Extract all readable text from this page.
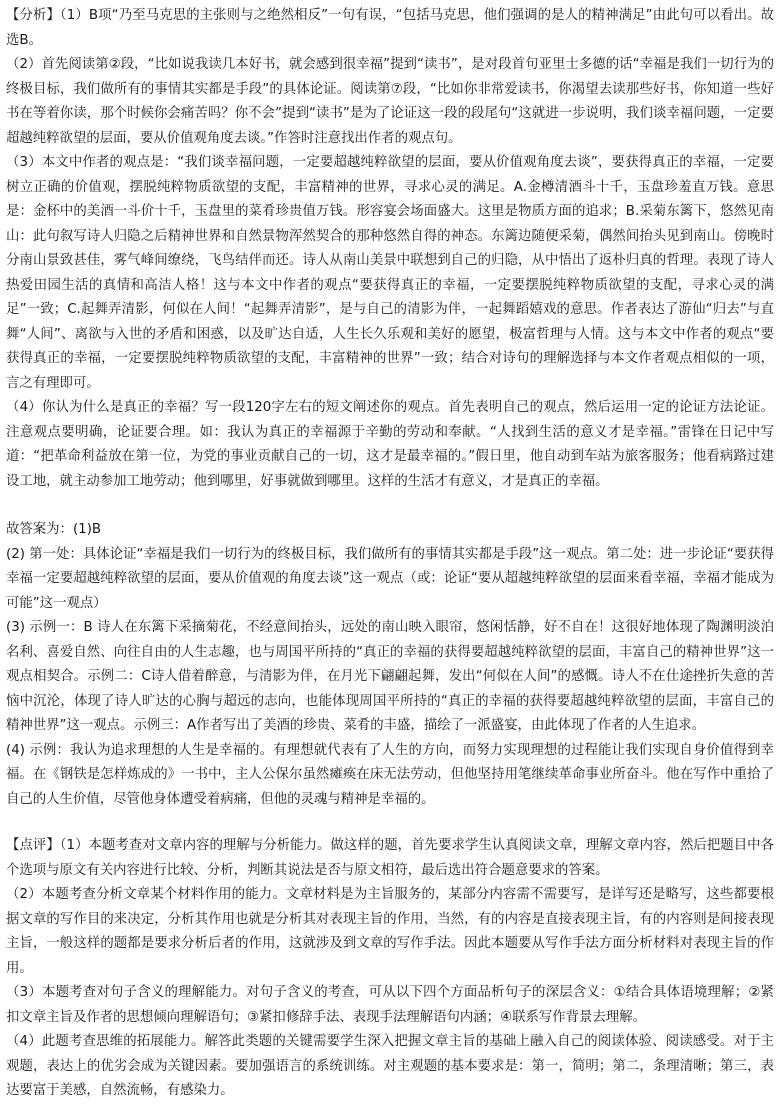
【分析】（1）B项“乃至马克思的主张则与之绝然相反”一句有误，“包括马克思，他们强调的是人的精神满足”由此句可以看出。故选B。

（2）首先阅读第②段，“比如说我读几本好书，就会感到很幸福”提到“读书”，是对段首句亚里士多德的话“幸福是我们一切行为的终极目标，我们做所有的事情其实都是手段”的具体论证。阅读第⑦段，“比如你非常爱读书，你渴望去读那些好书，你知道一些好书在等着你读，那个时候你会痛苦吗？你不会”提到“读书”是为了论证这一段的段尾句“这就进一步说明，我们谈幸福问题，一定要超越纯粹欲望的层面，要从价值观角度去谈。”作答时注意找出作者的观点句。

（3）本文中作者的观点是：“我们谈幸福问题，一定要超越纯粹欲望的层面，要从价值观角度去谈”，要获得真正的幸福，一定要树立正确的价值观，摆脱纯粹物质欲望的支配，丰富精神的世界，寻求心灵的满足。A.金樽清酒斗十千，玉盘珍羞直万钱。意思是：金杯中的美酒一斗价十千，玉盘里的菜肴珍贵值万钱。形容宴会场面盛大。这里是物质方面的追求；B.采菊东篱下，悠然见南山：此句叙写诗人归隐之后精神世界和自然景物浑然契合的那种悠然自得的神态。东篱边随便采菊，偶然间抬头见到南山。傍晚时分南山景致甚佳，雾气峰间缭绕，飞鸟结伴而还。诗人从南山美景中联想到自己的归隐，从中悟出了返朴归真的哲理。表现了诗人热爱田园生活的真情和高洁人格！这与本文中作者的观点“要获得真正的幸福，一定要摆脱纯粹物质欲望的支配，寻求心灵的满足”一致；C.起舞弄清影，何似在人间！“起舞弄清影”，是与自己的清影为伴，一起舞蹈嬉戏的意思。作者表达了游仙“归去”与直舞“人间”、离欲与入世的矛盾和困惑，以及旷达自适，人生长久乐观和美好的愿望，极富哲理与人情。这与本文中作者的观点“要获得真正的幸福，一定要摆脱纯粹物质欲望的支配，丰富精神的世界”一致；结合对诗句的理解选择与本文作者观点相似的一项，言之有理即可。

（4）你认为什么是真正的幸福？写一段120字左右的短文阐述你的观点。首先表明自己的观点，然后运用一定的论证方法论证。注意观点要明确，论证要合理。如：我认为真正的幸福源于辛勤的劳动和奉献。“人找到生活的意义才是幸福。”雷锋在日记中写道：“把革命利益放在第一位，为党的事业贡献自己的一切，这才是最幸福的。”假日里，他自动到车站为旅客服务；他看病路过建设工地，就主动参加工地劳动；他到哪里，好事就做到哪里。这样的生活才有意义，才是真正的幸福。

故答案为：(1)B

(2) 第一处：具体论证“幸福是我们一切行为的终极目标，我们做所有的事情其实都是手段”这一观点。第二处：进一步论证“要获得幸福一定要超越纯粹欲望的层面，要从价值观的角度去谈”这一观点（或：论证“要从超越纯粹欲望的层面来看幸福，幸福才能成为可能”这一观点）

(3) 示例一：B 诗人在东篱下采摘菊花，不经意间抬头，远处的南山映入眼帘，悠闲恬静，好不自在！这很好地体现了陶渊明淡泊名利、喜爱自然、向往自由的人生志趣，也与周国平所持的“真正的幸福的获得要超越纯粹欲望的层面，丰富自己的精神世界”这一观点相契合。示例二：C诗人借着醉意，与清影为伴，在月光下翩翩起舞，发出“何似在人间”的感慨。诗人不在仕途挫折失意的苦恼中沉沦，体现了诗人旷达的心胸与超远的志向，也能体现周国平所持的“真正的幸福的获得要超越纯粹欲望的层面，丰富自己的精神世界”这一观点。示例三：A作者写出了美酒的珍贵、菜肴的丰盛，描绘了一派盛宴，由此体现了作者的人生追求。

(4) 示例：我认为追求理想的人生是幸福的。有理想就代表有了人生的方向，而努力实现理想的过程能让我们实现自身价值得到幸福。在《钢铁是怎样炼成的》一书中，主人公保尔虽然瘫痪在床无法劳动，但他坚持用笔继续革命事业所奋斗。他在写作中重拾了自己的人生价值，尽管他身体遭受着病痛，但他的灵魂与精神是幸福的。

【点评】（1）本题考查对文章内容的理解与分析能力。做这样的题，首先要求学生认真阅读文章，理解文章内容，然后把题目中各个选项与原文有关内容进行比较、分析，判断其说法是否与原文相符，最后选出符合题意要求的答案。

（2）本题考查分析文章某个材料作用的能力。文章材料是为主旨服务的，某部分内容需不需要写，是详写还是略写，这些都要根据文章的写作目的来决定，分析其作用也就是分析其对表现主旨的作用，当然，有的内容是直接表现主旨，有的内容则是间接表现主旨，一般这样的题都是要求分析后者的作用，这就涉及到文章的写作手法。因此本题要从写作手法方面分析材料对表现主旨的作用。

（3）本题考查对句子含义的理解能力。对句子含义的考查，可从以下四个方面品析句子的深层含义：①结合具体语境理解；②紧扣文章主旨及作者的思想倾向理解语句；③紧扣修辞手法、表现手法理解语句内涵；④联系写作背景去理解。

（4）此题考查思维的拓展能力。解答此类题的关键需要学生深入把握文章主旨的基础上融入自己的阅读体验、阅读感受。对于主观题，表达上的优劣会成为关键因素。要加强语言的系统训练。对主观题的基本要求是：第一，简明；第二，条理清晰；第三，表达要富于美感，自然流畅，有感染力。
